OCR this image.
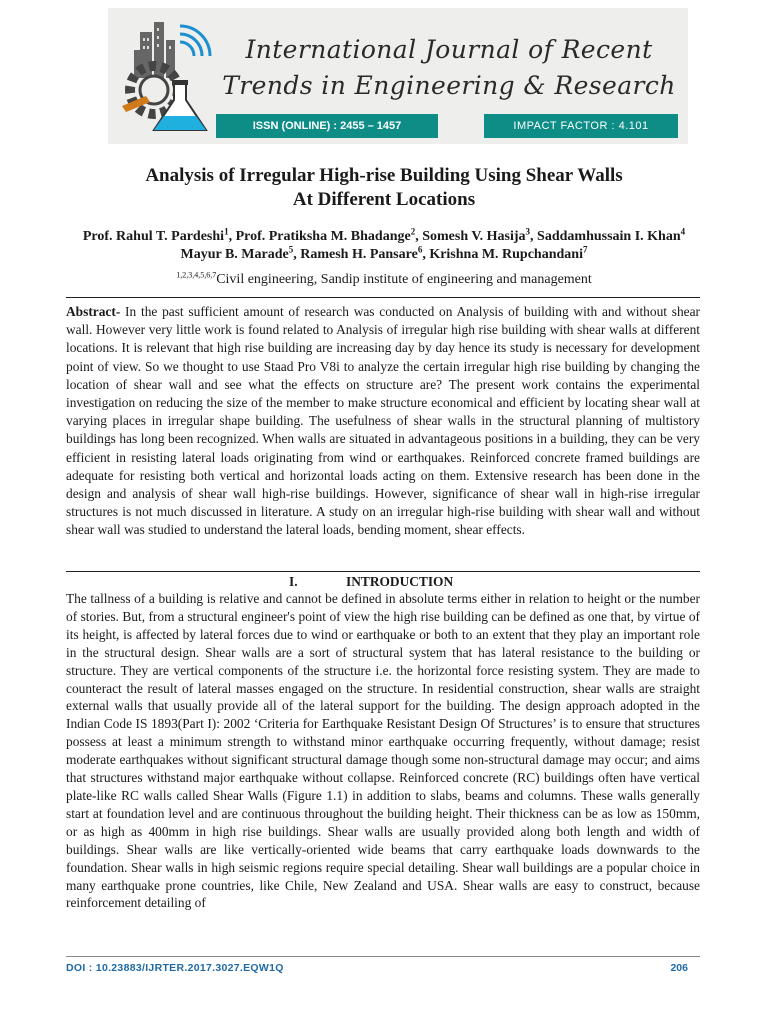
International Journal of Recent Trends in Engineering & Research
ISSN (ONLINE) : 2455 – 1457	IMPACT FACTOR : 4.101
Analysis of Irregular High-rise Building Using Shear Walls
At Different Locations
Prof. Rahul T. Pardeshi$^1$, Prof. Pratiksha M. Bhadange$^2$, Somesh V. Hasija$^3$, Saddamhussain I. Khan$^4$ Mayur B. Marade$^5$, Ramesh H. Pansare$^6$, Krishna M. Rupchandani$^7$
$^{1,2,3,4,5,6,7}$Civil engineering, Sandip institute of engineering and management

Abstract- In the past sufficient amount of research was conducted on Analysis of building with and without shear wall. However very little work is found related to Analysis of irregular high rise building with shear walls at different locations. It is relevant that high rise building are increasing day by day hence its study is necessary for development point of view. So we thought to use Staad Pro V8i to analyze the certain irregular high rise building by changing the location of shear wall and see what the effects on structure are? The present work contains the experimental investigation on reducing the size of the member to make structure economical and efficient by locating shear wall at varying places in irregular shape building. The usefulness of shear walls in the structural planning of multistory buildings has long been recognized. When walls are situated in advantageous positions in a building, they can be very efficient in resisting lateral loads originating from wind or earthquakes. Reinforced concrete framed buildings are adequate for resisting both vertical and horizontal loads acting on them. Extensive research has been done in the design and analysis of shear wall high-rise buildings. However, significance of shear wall in high-rise irregular structures is not much discussed in literature. A study on an irregular high-rise building with shear wall and without shear wall was studied to understand the lateral loads, bending moment, shear effects.

I.	INTRODUCTION

The tallness of a building is relative and cannot be defined in absolute terms either in relation to height or the number of stories. But, from a structural engineer's point of view the high rise building can be defined as one that, by virtue of its height, is affected by lateral forces due to wind or earthquake or both to an extent that they play an important role in the structural design. Shear walls are a sort of structural system that has lateral resistance to the building or structure. They are vertical components of the structure i.e. the horizontal force resisting system. They are made to counteract the result of lateral masses engaged on the structure. In residential construction, shear walls are straight external walls that usually provide all of the lateral support for the building. The design approach adopted in the Indian Code IS 1893(Part I): 2002 ‘Criteria for Earthquake Resistant Design Of Structures’ is to ensure that structures possess at least a minimum strength to withstand minor earthquake occurring frequently, without damage; resist moderate earthquakes without significant structural damage though some non-structural damage may occur; and aims that structures withstand major earthquake without collapse. Reinforced concrete (RC) buildings often have vertical plate-like RC walls called Shear Walls (Figure 1.1) in addition to slabs, beams and columns. These walls generally start at foundation level and are continuous throughout the building height. Their thickness can be as low as 150mm, or as high as 400mm in high rise buildings. Shear walls are usually provided along both length and width of buildings. Shear walls are like vertically-oriented wide beams that carry earthquake loads downwards to the foundation. Shear walls in high seismic regions require special detailing. Shear wall buildings are a popular choice in many earthquake prone countries, like Chile, New Zealand and USA. Shear walls are easy to construct, because reinforcement detailing of

DOI : 10.23883/IJRTER.2017.3027.EQW1Q	206
